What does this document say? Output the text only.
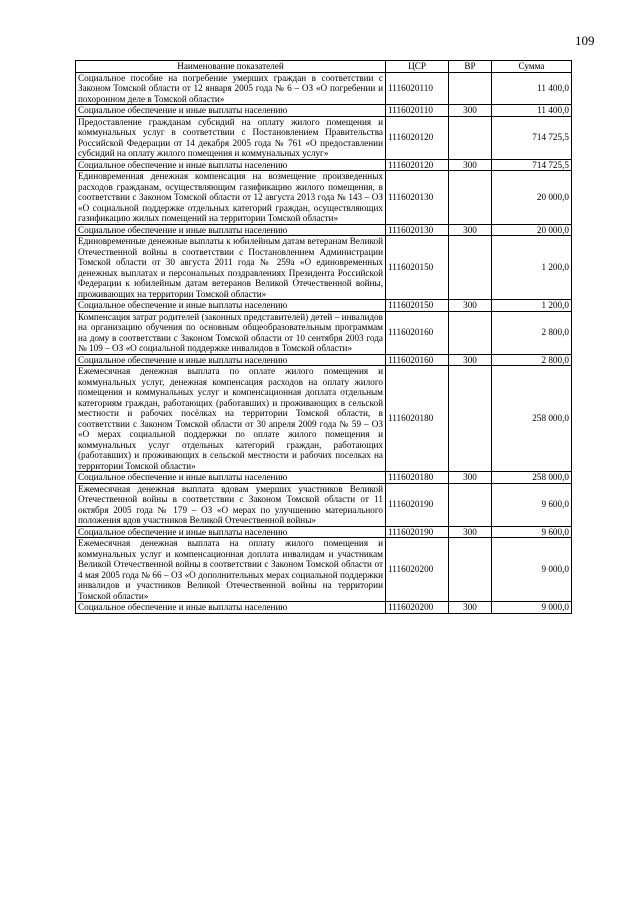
109
Наименование показателей	ЦСР	ВР	Сумма
Социальное пособие на погребение умерших граждан в соответствии с Законом Томской области от 12 января 2005 года № 6 – ОЗ «О погребении и похоронном деле в Томской области»	1116020110		11 400,0
Социальное обеспечение и иные выплаты населению	1116020110	300	11 400,0
Предоставление гражданам субсидий на оплату жилого помещения и коммунальных услуг в соответствии с Постановлением Правительства Российской Федерации от 14 декабря 2005 года № 761 «О предоставлении субсидий на оплату жилого помещения и коммунальных услуг»	1116020120		714 725,5
Социальное обеспечение и иные выплаты населению	1116020120	300	714 725,5
Единовременная денежная компенсация на возмещение произведенных расходов гражданам, осуществляющим газификацию жилого помещения, в соответствии с Законом Томской области от 12 августа 2013 года № 143 – ОЗ «О социальной поддержке отдельных категорий граждан, осуществляющих газификацию жилых помещений на территории Томской области»	1116020130		20 000,0
Социальное обеспечение и иные выплаты населению	1116020130	300	20 000,0
Единовременные денежные выплаты к юбилейным датам ветеранам Великой Отечественной войны в соответствии с Постановлением Администрации Томской области от 30 августа 2011 года № 259а «О единовременных денежных выплатах и персональных поздравлениях Президента Российской Федерации к юбилейным датам ветеранов Великой Отечественной войны, проживающих на территории Томской области»	1116020150		1 200,0
Социальное обеспечение и иные выплаты населению	1116020150	300	1 200,0
Компенсация затрат родителей (законных представителей) детей – инвалидов на организацию обучения по основным общеобразовательным программам на дому в соответствии с Законом Томской области от 10 сентября 2003 года № 109 – ОЗ «О социальной поддержке инвалидов в Томской области»	1116020160		2 800,0
Социальное обеспечение и иные выплаты населению	1116020160	300	2 800,0
Ежемесячная денежная выплата по оплате жилого помещения и коммунальных услуг, денежная компенсация расходов на оплату жилого помещения и коммунальных услуг и компенсационная доплата отдельным категориям граждан, работающих (работавших) и проживающих в сельской местности и рабочих посёлках на территории Томской области, в соответствии с Законом Томской области от 30 апреля 2009 года № 59 – ОЗ «О мерах социальной поддержки по оплате жилого помещения и коммунальных услуг отдельных категорий граждан, работающих (работавших) и проживающих в сельской местности и рабочих поселках на территории Томской области»	1116020180		258 000,0
Социальное обеспечение и иные выплаты населению	1116020180	300	258 000,0
Ежемесячная денежная выплата вдовам умерших участников Великой Отечественной войны в соответствии с Законом Томской области от 11 октября 2005 года № 179 – ОЗ «О мерах по улучшению материального положения вдов участников Великой Отечественной войны»	1116020190		9 600,0
Социальное обеспечение и иные выплаты населению	1116020190	300	9 600,0
Ежемесячная денежная выплата на оплату жилого помещения и коммунальных услуг и компенсационная доплата инвалидам и участникам Великой Отечественной войны в соответствии с Законом Томской области от 4 мая 2005 года № 66 – ОЗ «О дополнительных мерах социальной поддержки инвалидов и участников Великой Отечественной войны на территории Томской области»	1116020200		9 000,0
Социальное обеспечение и иные выплаты населению	1116020200	300	9 000,0
